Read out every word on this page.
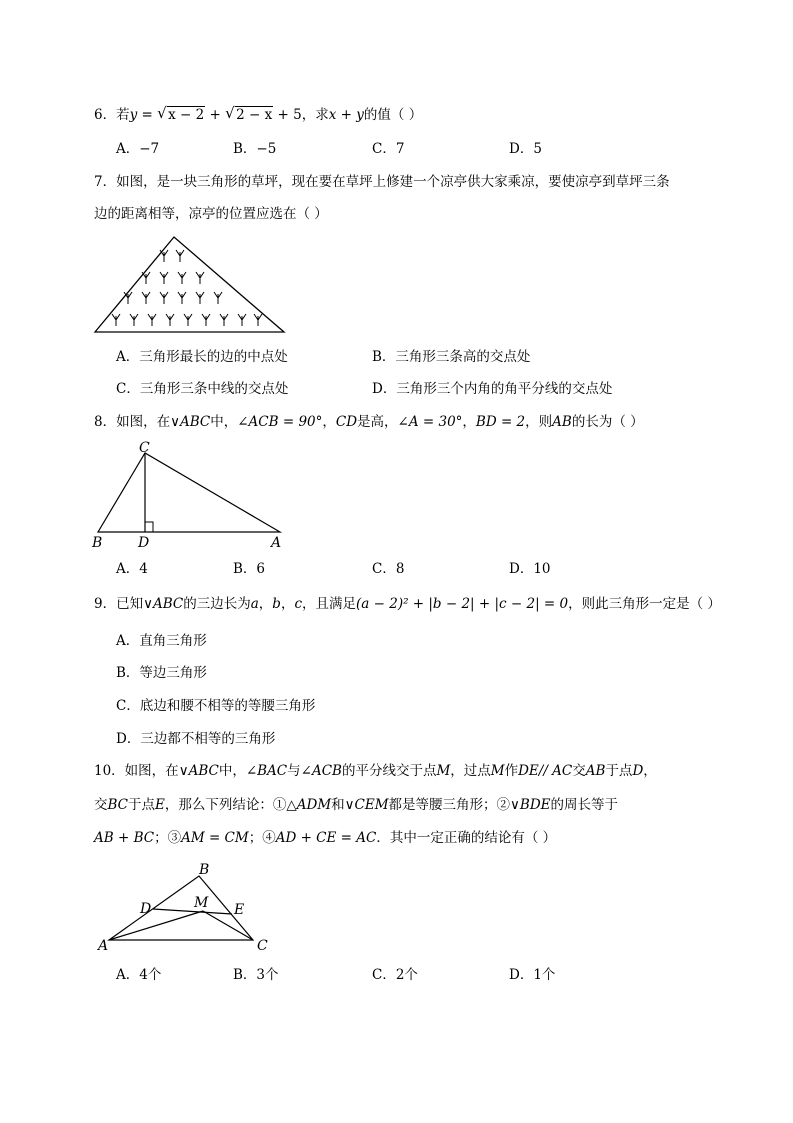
6．若y = √ x − 2 + √ 2 − x + 5，求x + y的值（ ）
A．−7	B．−5	C．7	D．5
7．如图，是一块三角形的草坪，现在要在草坪上修建一个凉亭供大家乘凉，要使凉亭到草坪三条
边的距离相等，凉亭的位置应选在（ ）
A．三角形最长的边的中点处	B．三角形三条高的交点处
C．三角形三条中线的交点处	D．三角形三个内角的角平分线的交点处
8．如图，在∨ABC中，∠ACB = 90°，CD是高，∠A = 30°，BD = 2，则AB的长为（ ）
C
B	D	A
A．4	B．6	C．8	D．10
9．已知∨ABC的三边长为a，b，c，且满足(a − 2)² + |b − 2| + |c − 2| = 0，则此三角形一定是（ ）
A．直角三角形
B．等边三角形
C．底边和腰不相等的等腰三角形
D．三边都不相等的三角形
10．如图，在∨ABC中，∠BAC与∠ACB的平分线交于点M，过点M作DE// AC交AB于点D，
交BC于点E，那么下列结论：①△ADM和∨CEM都是等腰三角形；②∨BDE的周长等于
AB + BC；③AM = CM；④AD + CE = AC．其中一定正确的结论有（ ）
B
D	M E
A	C
A．4个	B．3个	C．2个	D．1个
